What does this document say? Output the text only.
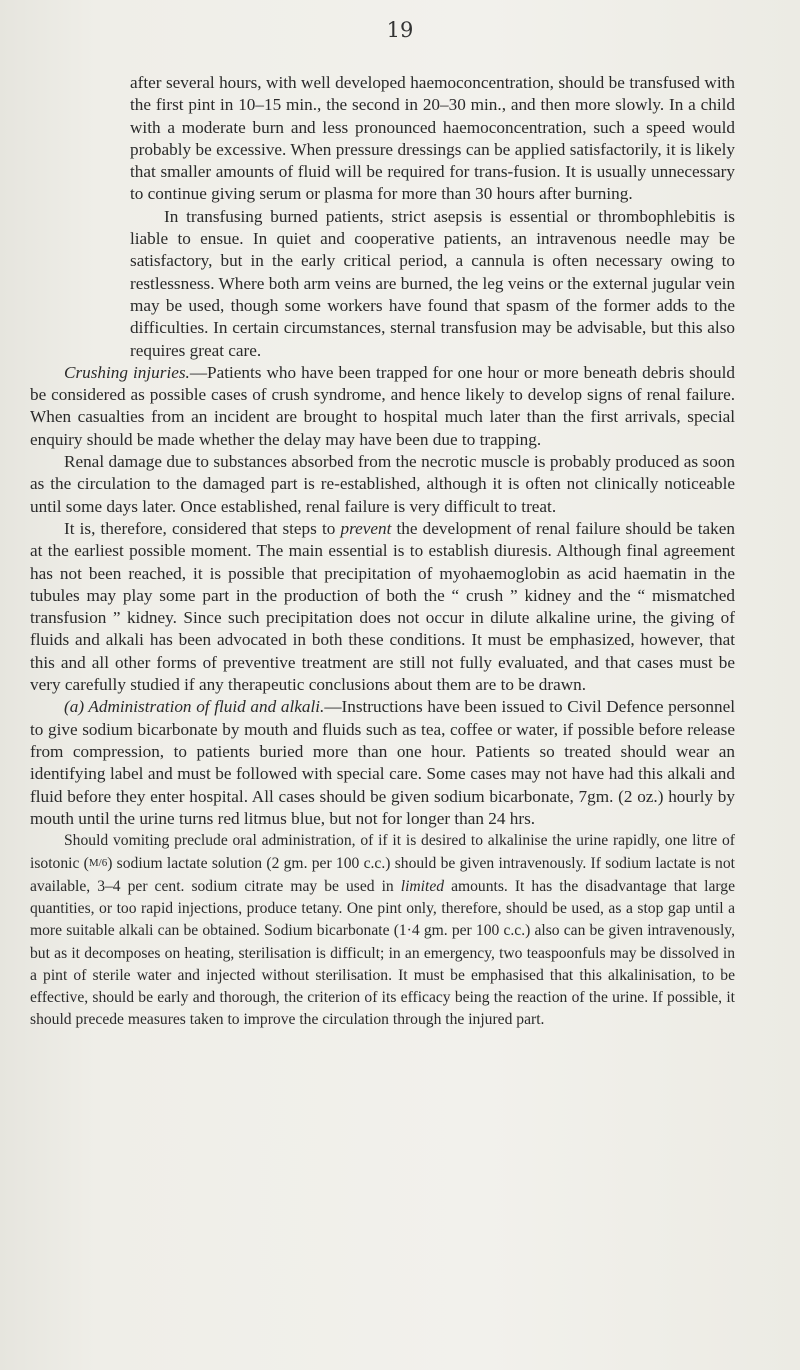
19

after several hours, with well developed haemoconcentration, should be transfused with the first pint in 10–15 min., the second in 20–30 min., and then more slowly. In a child with a moderate burn and less pronounced haemoconcentration, such a speed would probably be excessive. When pressure dressings can be applied satisfactorily, it is likely that smaller amounts of fluid will be required for trans-fusion. It is usually unnecessary to continue giving serum or plasma for more than 30 hours after burning.

In transfusing burned patients, strict asepsis is essential or thrombophlebitis is liable to ensue. In quiet and cooperative patients, an intravenous needle may be satisfactory, but in the early critical period, a cannula is often necessary owing to restlessness. Where both arm veins are burned, the leg veins or the external jugular vein may be used, though some workers have found that spasm of the former adds to the difficulties. In certain circumstances, sternal transfusion may be advisable, but this also requires great care.

Crushing injuries.—Patients who have been trapped for one hour or more beneath debris should be considered as possible cases of crush syndrome, and hence likely to develop signs of renal failure. When casualties from an incident are brought to hospital much later than the first arrivals, special enquiry should be made whether the delay may have been due to trapping.

Renal damage due to substances absorbed from the necrotic muscle is probably produced as soon as the circulation to the damaged part is re-established, although it is often not clinically noticeable until some days later. Once established, renal failure is very difficult to treat.

It is, therefore, considered that steps to prevent the development of renal failure should be taken at the earliest possible moment. The main essential is to establish diuresis. Although final agreement has not been reached, it is possible that precipitation of myohaemoglobin as acid haematin in the tubules may play some part in the production of both the “ crush ” kidney and the “ mismatched transfusion ” kidney. Since such precipitation does not occur in dilute alkaline urine, the giving of fluids and alkali has been advocated in both these conditions. It must be emphasized, however, that this and all other forms of preventive treatment are still not fully evaluated, and that cases must be very carefully studied if any therapeutic conclusions about them are to be drawn.

(a) Administration of fluid and alkali.—Instructions have been issued to Civil Defence personnel to give sodium bicarbonate by mouth and fluids such as tea, coffee or water, if possible before release from compression, to patients buried more than one hour. Patients so treated should wear an identifying label and must be followed with special care. Some cases may not have had this alkali and fluid before they enter hospital. All cases should be given sodium bicarbonate, 7gm. (2 oz.) hourly by mouth until the urine turns red litmus blue, but not for longer than 24 hrs.

Should vomiting preclude oral administration, of if it is desired to alkalinise the urine rapidly, one litre of isotonic (M/6) sodium lactate solution (2 gm. per 100 c.c.) should be given intravenously. If sodium lactate is not available, 3–4 per cent. sodium citrate may be used in limited amounts. It has the disadvantage that large quantities, or too rapid injections, produce tetany. One pint only, therefore, should be used, as a stop gap until a more suitable alkali can be obtained. Sodium bicarbonate (1·4 gm. per 100 c.c.) also can be given intravenously, but as it decomposes on heating, sterilisation is difficult; in an emergency, two teaspoonfuls may be dissolved in a pint of sterile water and injected without sterilisation. It must be emphasised that this alkalinisation, to be effective, should be early and thorough, the criterion of its efficacy being the reaction of the urine. If possible, it should precede measures taken to improve the circulation through the injured part.
